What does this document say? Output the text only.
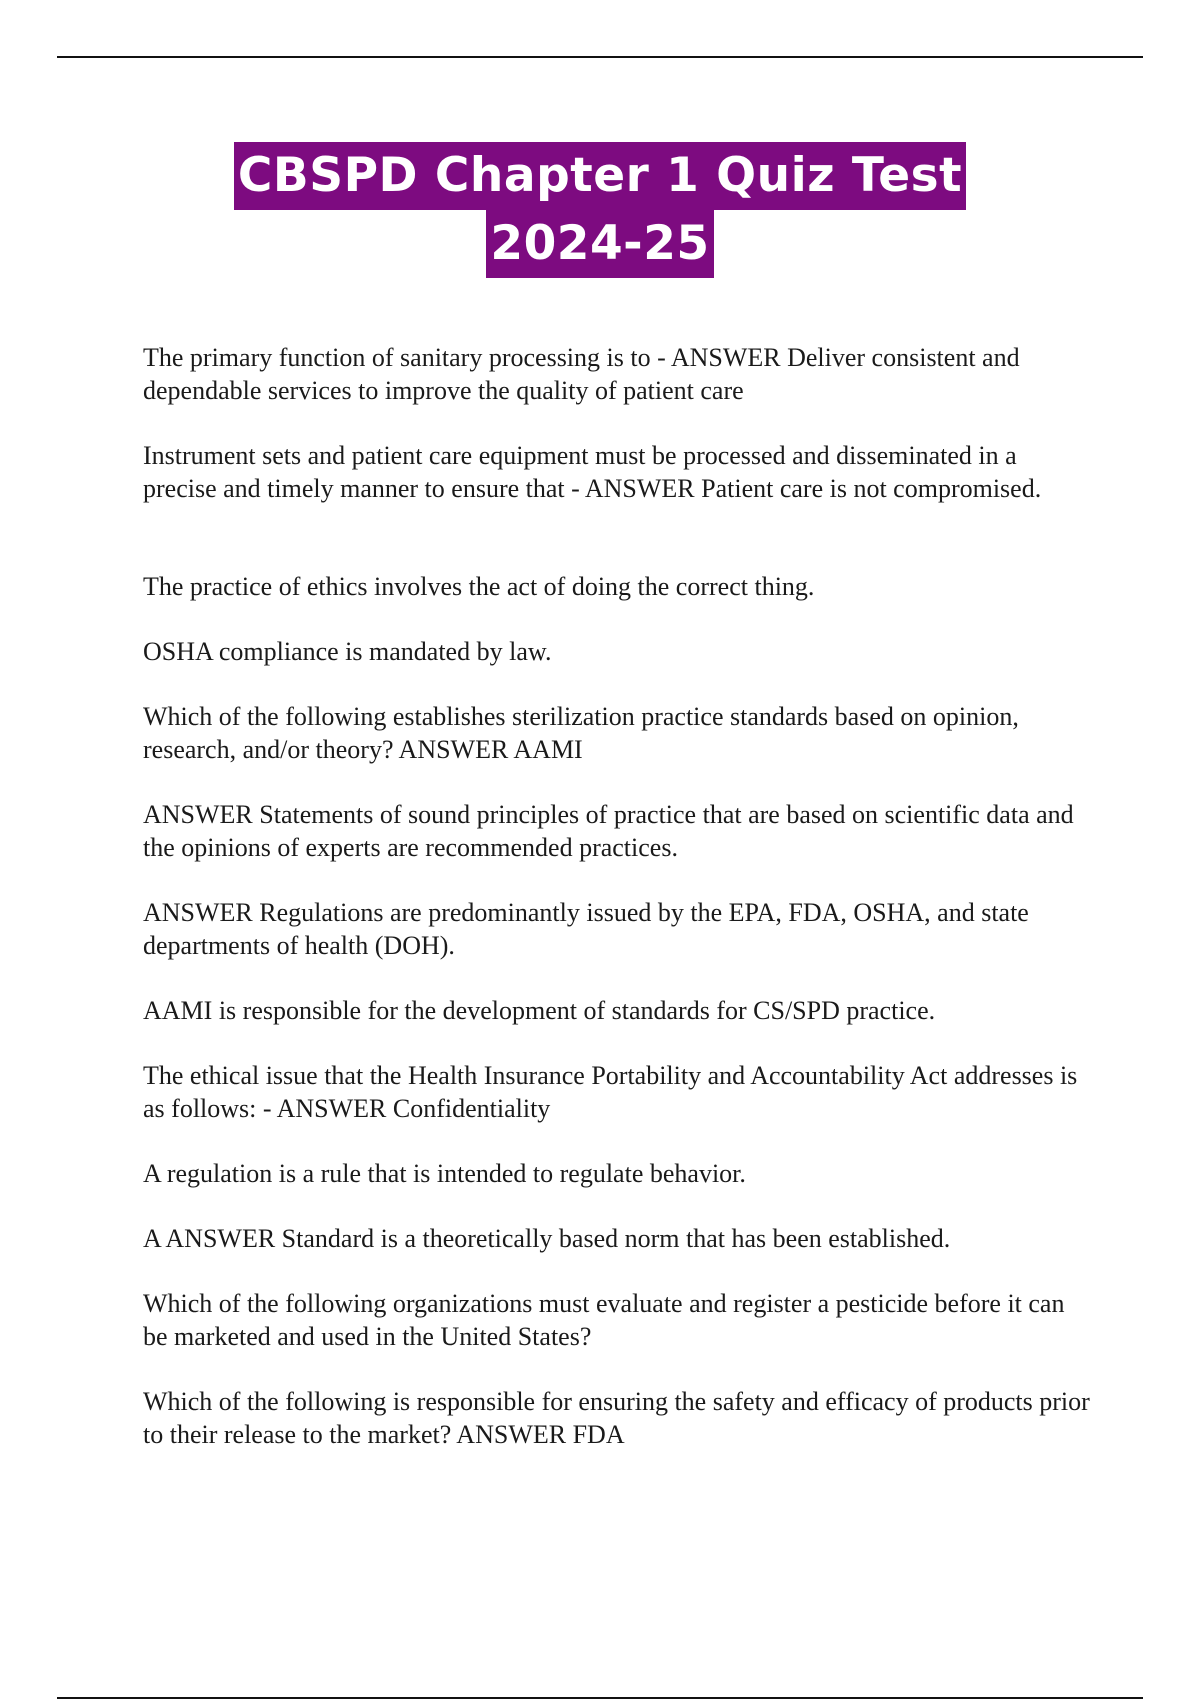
CBSPD Chapter 1 Quiz Test
2024-25

The primary function of sanitary processing is to - ANSWER Deliver consistent and dependable services to improve the quality of patient care

Instrument sets and patient care equipment must be processed and disseminated in a precise and timely manner to ensure that - ANSWER Patient care is not compromised.

The practice of ethics involves the act of doing the correct thing.

OSHA compliance is mandated by law.

Which of the following establishes sterilization practice standards based on opinion, research, and/or theory? ANSWER AAMI

ANSWER Statements of sound principles of practice that are based on scientific data and the opinions of experts are recommended practices.

ANSWER Regulations are predominantly issued by the EPA, FDA, OSHA, and state departments of health (DOH).

AAMI is responsible for the development of standards for CS/SPD practice.

The ethical issue that the Health Insurance Portability and Accountability Act addresses is as follows: - ANSWER Confidentiality

A regulation is a rule that is intended to regulate behavior.

A ANSWER Standard is a theoretically based norm that has been established.

Which of the following organizations must evaluate and register a pesticide before it can be marketed and used in the United States?

Which of the following is responsible for ensuring the safety and efficacy of products prior to their release to the market? ANSWER FDA
